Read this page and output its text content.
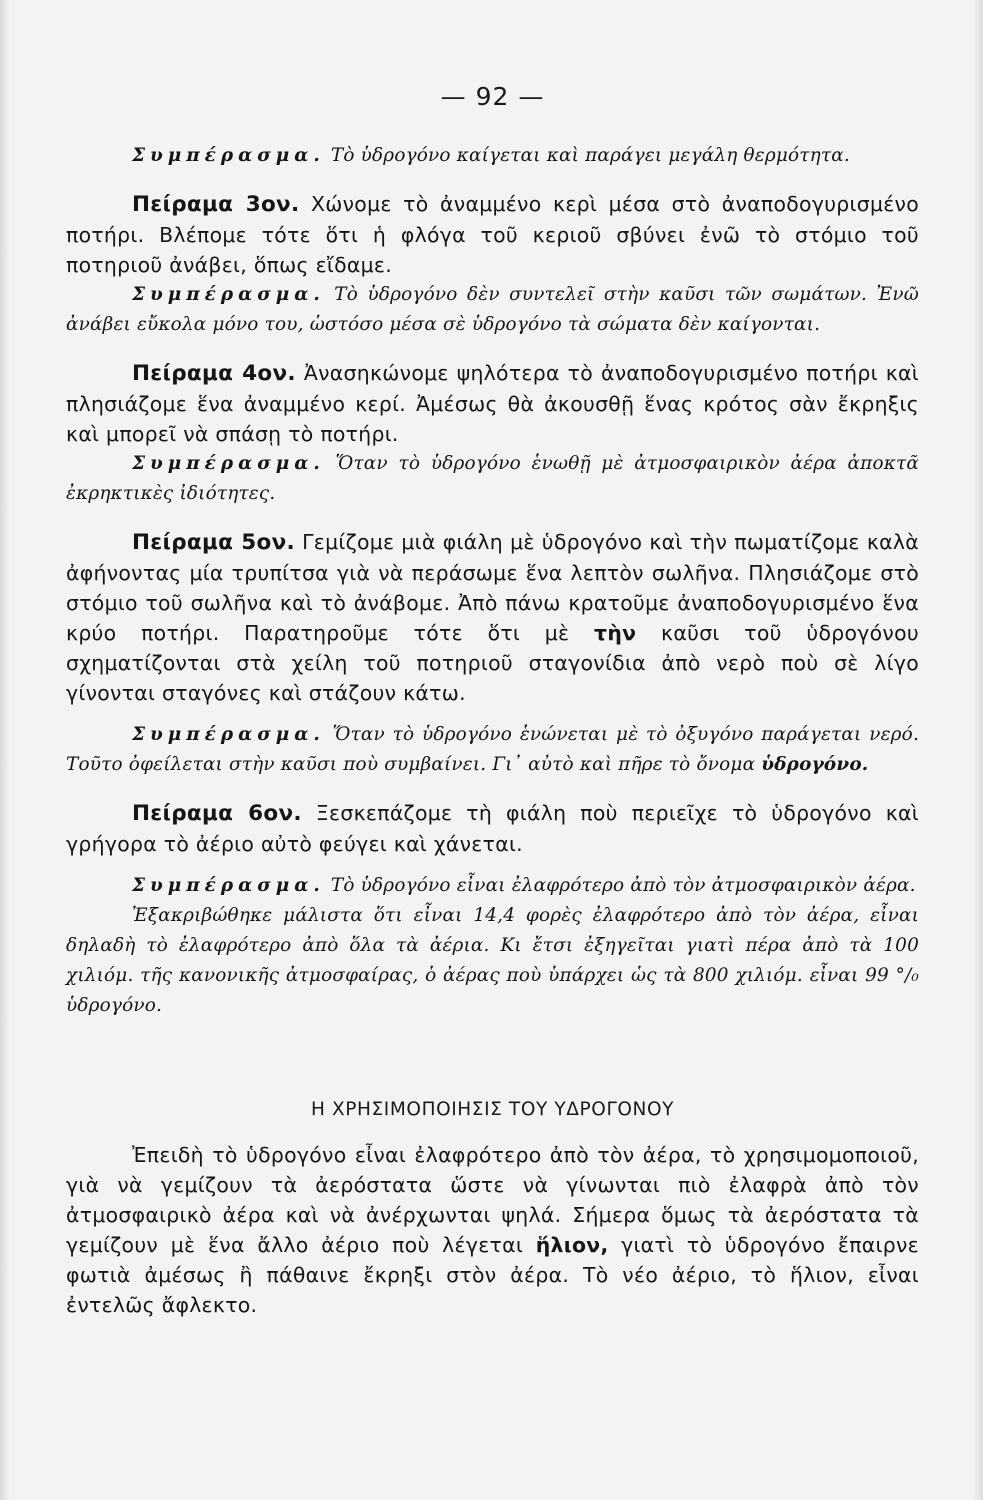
— 92 —

Συμπέρασμα. Τὸ ὑδρογόνο καίγεται καὶ παράγει μεγάλη θερμότητα.

Πείραμα 3ον. Χώνομε τὸ ἀναμμένο κερὶ μέσα στὸ ἀναποδογυρισμένο ποτήρι. Βλέπομε τότε ὅτι ἡ φλόγα τοῦ κεριοῦ σβύνει ἐνῶ τὸ στόμιο τοῦ ποτηριοῦ ἀνάβει, ὅπως εἴδαμε.

Συμπέρασμα. Τὸ ὑδρογόνο δὲν συντελεῖ στὴν καῦσι τῶν σωμάτων. Ἐνῶ ἀνάβει εὔκολα μόνο του, ὡστόσο μέσα σὲ ὑδρογόνο τὰ σώματα δὲν καίγονται.

Πείραμα 4ον. Ἀνασηκώνομε ψηλότερα τὸ ἀναποδογυρισμένο ποτήρι καὶ πλησιάζομε ἕνα ἀναμμένο κερί. Ἀμέσως θὰ ἀκουσθῇ ἕνας κρότος σὰν ἔκρηξις καὶ μπορεῖ νὰ σπάσῃ τὸ ποτήρι.

Συμπέρασμα. Ὅταν τὸ ὑδρογόνο ἑνωθῇ μὲ ἀτμοσφαιρικὸν ἀέρα ἀποκτᾶ ἐκρηκτικὲς ἰδιότητες.

Πείραμα 5ον. Γεμίζομε μιὰ φιάλη μὲ ὑδρογόνο καὶ τὴν πωματίζομε καλὰ ἀφήνοντας μία τρυπίτσα γιὰ νὰ περάσωμε ἕνα λεπτὸν σωλῆνα. Πλησιάζομε στὸ στόμιο τοῦ σωλῆνα καὶ τὸ ἀνάβομε. Ἀπὸ πάνω κρατοῦμε ἀναποδογυρισμένο ἕνα κρύο ποτήρι. Παρατηροῦμε τότε ὅτι μὲ τὴν καῦσι τοῦ ὑδρογόνου σχηματίζονται στὰ χείλη τοῦ ποτηριοῦ σταγονίδια ἀπὸ νερὸ ποὺ σὲ λίγο γίνονται σταγόνες καὶ στάζουν κάτω.

Συμπέρασμα. Ὅταν τὸ ὑδρογόνο ἑνώνεται μὲ τὸ ὀξυγόνο παράγεται νερό. Τοῦτο ὀφείλεται στὴν καῦσι ποὺ συμβαίνει. Γι᾿ αὐτὸ καὶ πῆρε τὸ ὄνομα ὑδρογόνο.

Πείραμα 6ον. Ξεσκεπάζομε τὴ φιάλη ποὺ περιεῖχε τὸ ὑδρογόνο καὶ γρήγορα τὸ ἀέριο αὐτὸ φεύγει καὶ χάνεται.

Συμπέρασμα. Τὸ ὑδρογόνο εἶναι ἐλαφρότερο ἀπὸ τὸν ἀτμοσφαιρικὸν ἀέρα.

Ἐξακριβώθηκε μάλιστα ὅτι εἶναι 14,4 φορὲς ἐλαφρότερο ἀπὸ τὸν ἀέρα, εἶναι δηλαδὴ τὸ ἐλαφρότερο ἀπὸ ὅλα τὰ ἀέρια. Κι ἔτσι ἐξηγεῖται γιατὶ πέρα ἀπὸ τὰ 100 χιλιόμ. τῆς κανονικῆς ἀτμοσφαίρας, ὁ ἀέρας ποὺ ὑπάρχει ὡς τὰ 800 χιλιόμ. εἶναι 99 °/₀ ὑδρογόνο.

Η ΧΡΗΣΙΜΟΠΟΙΗΣΙΣ ΤΟΥ ΥΔΡΟΓΟΝΟΥ

Ἐπειδὴ τὸ ὑδρογόνο εἶναι ἐλαφρότερο ἀπὸ τὸν ἀέρα, τὸ χρησιμομοποιοῦ, γιὰ νὰ γεμίζουν τὰ ἀερόστατα ὥστε νὰ γίνωνται πιὸ ἐλαφρὰ ἀπὸ τὸν ἀτμοσφαιρικὸ ἀέρα καὶ νὰ ἀνέρχωνται ψηλά. Σήμερα ὅμως τὰ ἀερόστατα τὰ γεμίζουν μὲ ἕνα ἄλλο ἀέριο ποὺ λέγεται ἥλιον, γιατὶ τὸ ὑδρογόνο ἔπαιρνε φωτιὰ ἀμέσως ἢ πάθαινε ἔκρηξι στὸν ἀέρα. Τὸ νέο ἀέριο, τὸ ἥλιον, εἶναι ἐντελῶς ἄφλεκτο.
